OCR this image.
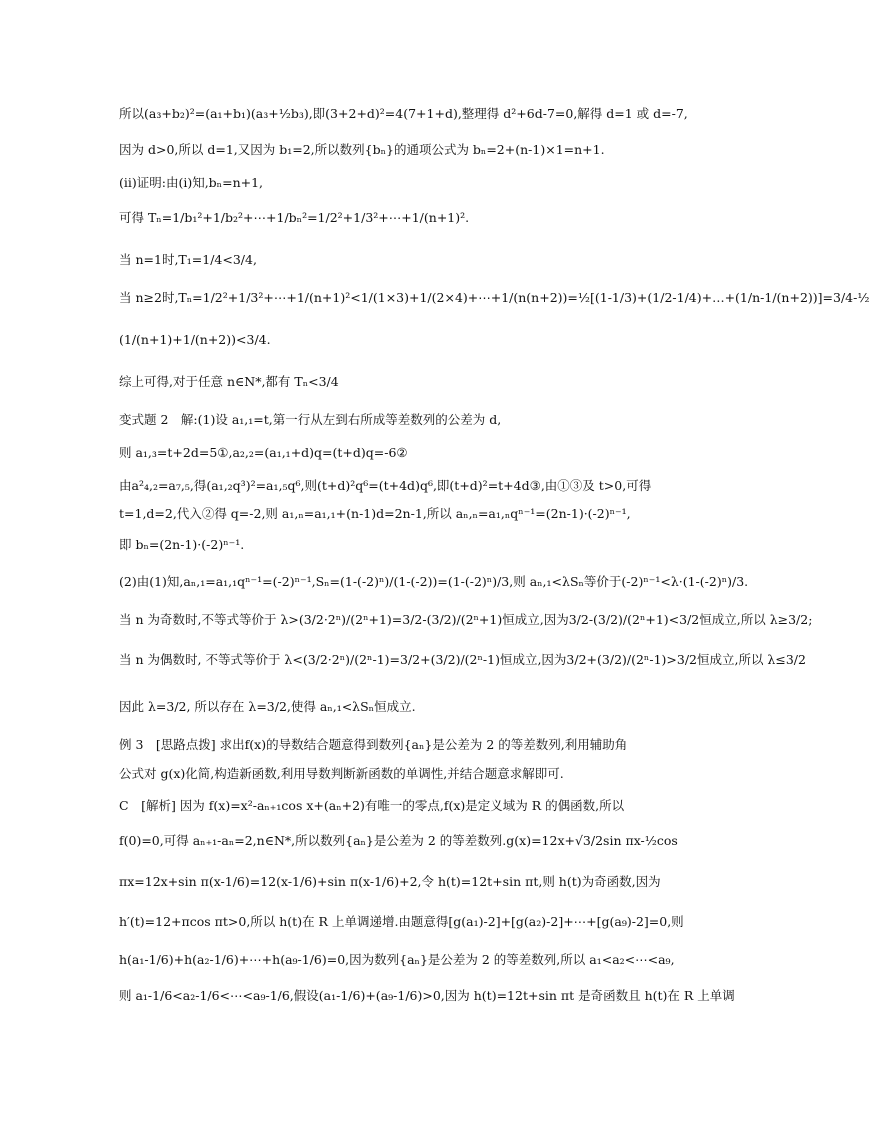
所以(a₃+b₂)²=(a₁+b₁)(a₃+½b₃),即(3+2+d)²=4(7+1+d),整理得 d²+6d-7=0,解得 d=1 或 d=-7,
因为 d>0,所以 d=1,又因为 b₁=2,所以数列{bₙ}的通项公式为 bₙ=2+(n-1)×1=n+1.
(ii)证明:由(i)知,bₙ=n+1,
可得 Tₙ=1/b₁²+1/b₂²+⋯+1/bₙ²=1/2²+1/3²+⋯+1/(n+1)².
当 n=1时,T₁=1/4<3/4,
当 n≥2时,Tₙ=1/2²+1/3²+⋯+1/(n+1)²<1/(1×3)+1/(2×4)+⋯+1/(n(n+2))=½[(1-1/3)+(1/2-1/4)+…+(1/n-1/(n+2))]=3/4-½
(1/(n+1)+1/(n+2))<3/4.
综上可得,对于任意 n∈N*,都有 Tₙ<3/4
变式题 2　解:(1)设 a₁,₁=t,第一行从左到右所成等差数列的公差为 d,
则 a₁,₃=t+2d=5①,a₂,₂=(a₁,₁+d)q=(t+d)q=-6②
由a²₄,₂=a₇,₅,得(a₁,₂q³)²=a₁,₅q⁶,则(t+d)²q⁶=(t+4d)q⁶,即(t+d)²=t+4d③,由①③及 t>0,可得
t=1,d=2,代入②得 q=-2,则 a₁,ₙ=a₁,₁+(n-1)d=2n-1,所以 aₙ,ₙ=a₁,ₙqⁿ⁻¹=(2n-1)·(-2)ⁿ⁻¹,
即 bₙ=(2n-1)·(-2)ⁿ⁻¹.
(2)由(1)知,aₙ,₁=a₁,₁qⁿ⁻¹=(-2)ⁿ⁻¹,Sₙ=(1-(-2)ⁿ)/(1-(-2))=(1-(-2)ⁿ)/3,则 aₙ,₁<λSₙ等价于(-2)ⁿ⁻¹<λ·(1-(-2)ⁿ)/3.
当 n 为奇数时,不等式等价于 λ>(3/2·2ⁿ)/(2ⁿ+1)=3/2-(3/2)/(2ⁿ+1)恒成立,因为3/2-(3/2)/(2ⁿ+1)<3/2恒成立,所以 λ≥3/2;
当 n 为偶数时, 不等式等价于 λ<(3/2·2ⁿ)/(2ⁿ-1)=3/2+(3/2)/(2ⁿ-1)恒成立,因为3/2+(3/2)/(2ⁿ-1)>3/2恒成立,所以 λ≤3/2
因此 λ=3/2, 所以存在 λ=3/2,使得 aₙ,₁<λSₙ恒成立.
例 3　[思路点拨] 求出f(x)的导数结合题意得到数列{aₙ}是公差为 2 的等差数列,利用辅助角
公式对 g(x)化简,构造新函数,利用导数判断新函数的单调性,并结合题意求解即可.
C　[解析] 因为 f(x)=x²-aₙ₊₁cos x+(aₙ+2)有唯一的零点,f(x)是定义域为 R 的偶函数,所以
f(0)=0,可得 aₙ₊₁-aₙ=2,n∈N*,所以数列{aₙ}是公差为 2 的等差数列.g(x)=12x+√3/2sin πx-½cos
πx=12x+sin π(x-1/6)=12(x-1/6)+sin π(x-1/6)+2,令 h(t)=12t+sin πt,则 h(t)为奇函数,因为
h′(t)=12+πcos πt>0,所以 h(t)在 R 上单调递增.由题意得[g(a₁)-2]+[g(a₂)-2]+⋯+[g(a₉)-2]=0,则
h(a₁-1/6)+h(a₂-1/6)+⋯+h(a₉-1/6)=0,因为数列{aₙ}是公差为 2 的等差数列,所以 a₁<a₂<⋯<a₉,
则 a₁-1/6<a₂-1/6<⋯<a₉-1/6,假设(a₁-1/6)+(a₉-1/6)>0,因为 h(t)=12t+sin πt 是奇函数且 h(t)在 R 上单调
